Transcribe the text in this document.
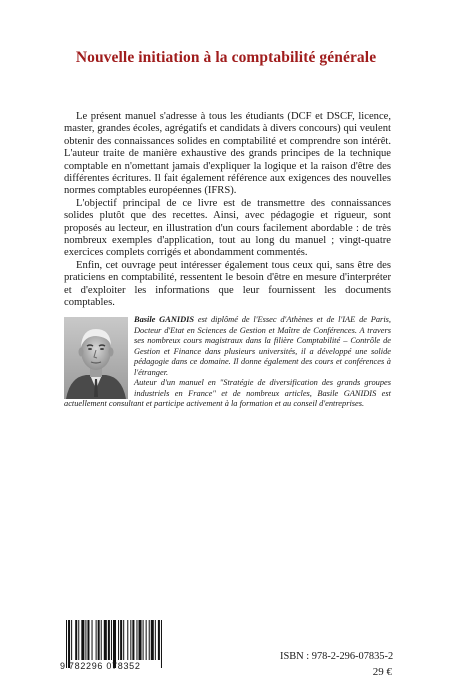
Nouvelle initiation à la comptabilité générale

Le présent manuel s'adresse à tous les étudiants (DCF et DSCF, licence, master, grandes écoles, agrégatifs et candidats à divers concours) qui veulent obtenir des connaissances solides en comptabilité et comprendre son intérêt. L'auteur traite de manière exhaustive des grands principes de la technique comptable en n'omettant jamais d'expliquer la logique et la raison d'être des différentes écritures. Il fait également référence aux exigences des nouvelles normes comptables européennes (IFRS).

L'objectif principal de ce livre est de transmettre des connaissances solides plutôt que des recettes. Ainsi, avec pédagogie et rigueur, sont proposés au lecteur, en illustration d'un cours facilement abordable : de très nombreux exemples d'application, tout au long du manuel ; vingt-quatre exercices complets corrigés et abondamment commentés.

Enfin, cet ouvrage peut intéresser également tous ceux qui, sans être des praticiens en comptabilité, ressentent le besoin d'être en mesure d'interpréter et d'exploiter les informations que leur fournissent les documents comptables.

Basile GANIDIS est diplômé de l'Essec d'Athènes et de l'IAE de Paris, Docteur d'Etat en Sciences de Gestion et Maître de Conférences. A travers ses nombreux cours magistraux dans la filière Comptabilité – Contrôle de Gestion et Finance dans plusieurs universités, il a développé une solide pédagogie dans ce domaine. Il donne également des cours et conférences à l'étranger.

Auteur d'un manuel en "Stratégie de diversification des grands groupes industriels en France" et de nombreux articles, Basile GANIDIS est actuellement consultant et participe activement à la formation et au conseil d'entreprises.

9 782296 078352
ISBN : 978-2-296-07835-2
29 €
